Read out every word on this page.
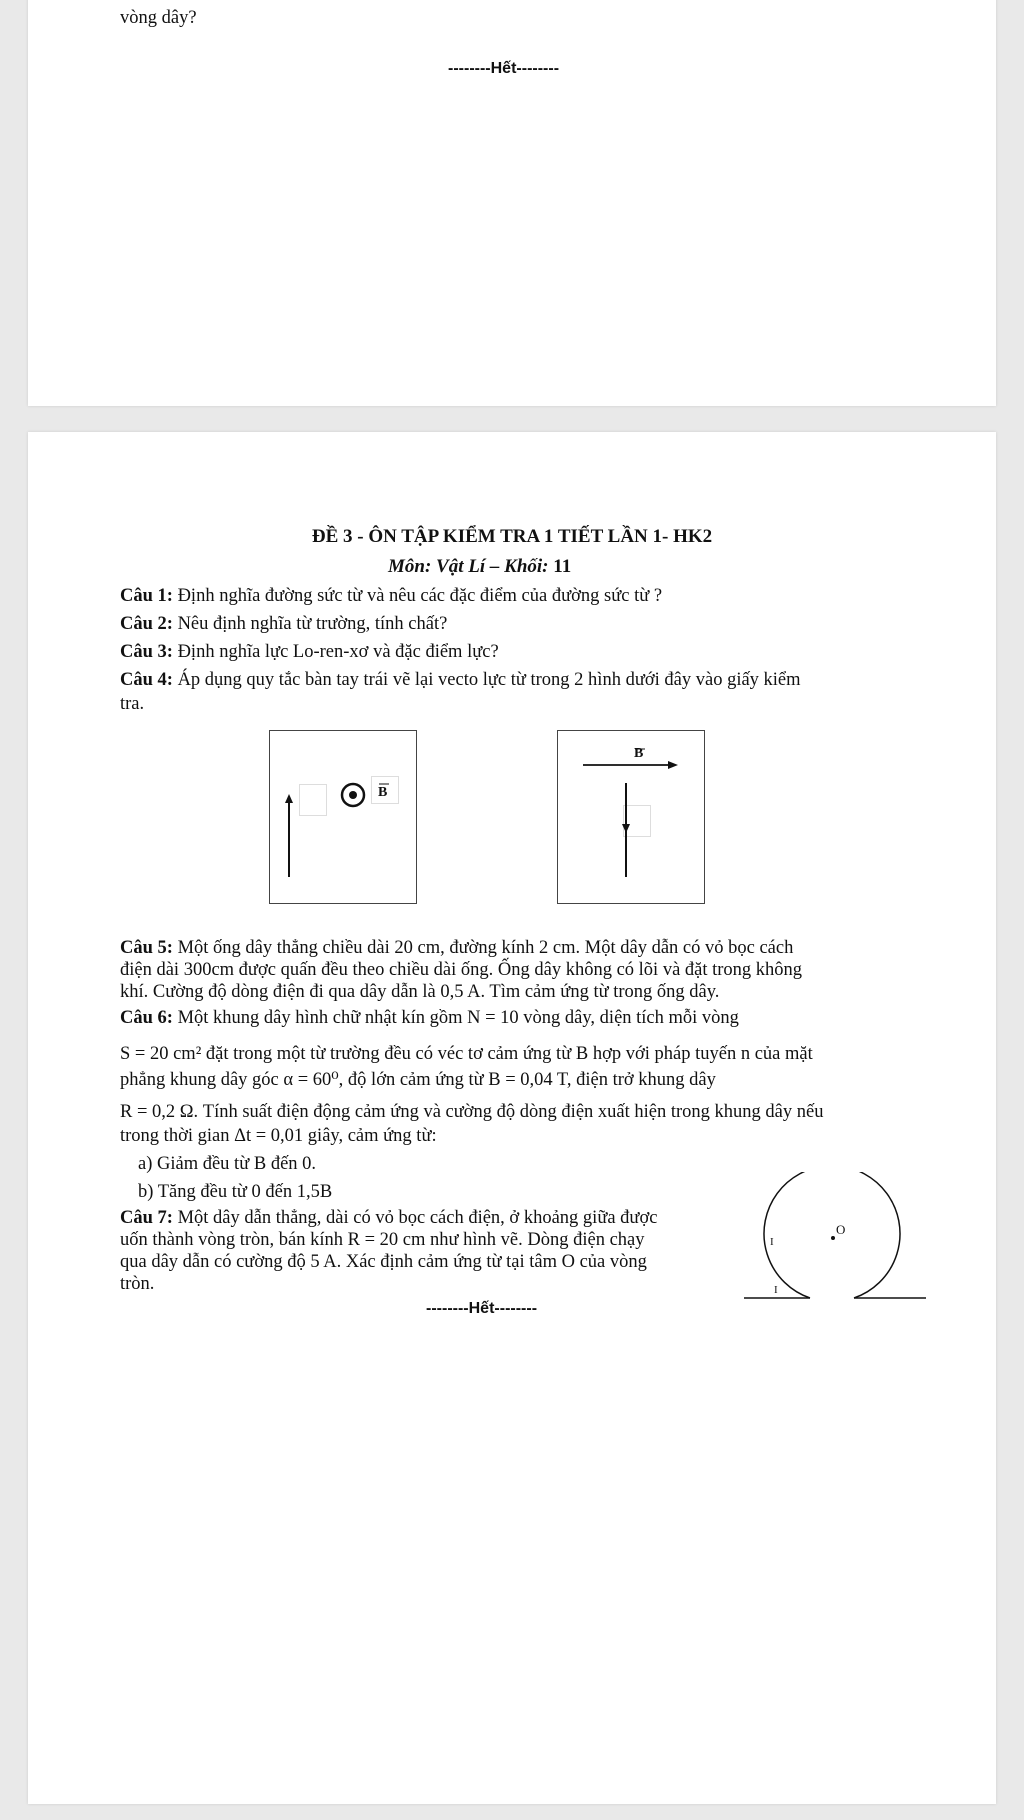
vòng dây?
--------Hết--------
ĐỀ 3 - ÔN TẬP KIỂM TRA 1 TIẾT LẦN 1- HK2
Môn: Vật Lí – Khối: 11
Câu 1: Định nghĩa đường sức từ và nêu các đặc điểm của đường sức từ ?
Câu 2: Nêu định nghĩa từ trường, tính chất?
Câu 3: Định nghĩa lực Lo-ren-xơ và đặc điểm lực?
Câu 4: Áp dụng quy tắc bàn tay trái vẽ lại vecto lực từ trong 2 hình dưới đây vào giấy kiểm
tra.
B
B
Câu 5: Một ống dây thẳng chiều dài 20 cm, đường kính 2 cm. Một dây dẫn có vỏ bọc cách
điện dài 300cm được quấn đều theo chiều dài ống. Ống dây không có lõi và đặt trong không
khí. Cường độ dòng điện đi qua dây dẫn là 0,5 A. Tìm cảm ứng từ trong ống dây.
Câu 6: Một khung dây hình chữ nhật kín gồm N = 10 vòng dây, diện tích mỗi vòng
S = 20 cm² đặt trong một từ trường đều có véc tơ cảm ứng từ B hợp với pháp tuyến n của mặt
phẳng khung dây góc α = 60⁰, độ lớn cảm ứng từ B = 0,04 T, điện trở khung dây
R = 0,2 Ω. Tính suất điện động cảm ứng và cường độ dòng điện xuất hiện trong khung dây nếu
trong thời gian Δt = 0,01 giây, cảm ứng từ:
a) Giảm đều từ B đến 0.
b) Tăng đều từ 0 đến 1,5B
Câu 7: Một dây dẫn thẳng, dài có vỏ bọc cách điện, ở khoảng giữa được
uốn thành vòng tròn, bán kính R = 20 cm như hình vẽ. Dòng điện chạy
qua dây dẫn có cường độ 5 A. Xác định cảm ứng từ tại tâm O của vòng
tròn.
O
I
I
--------Hết--------
